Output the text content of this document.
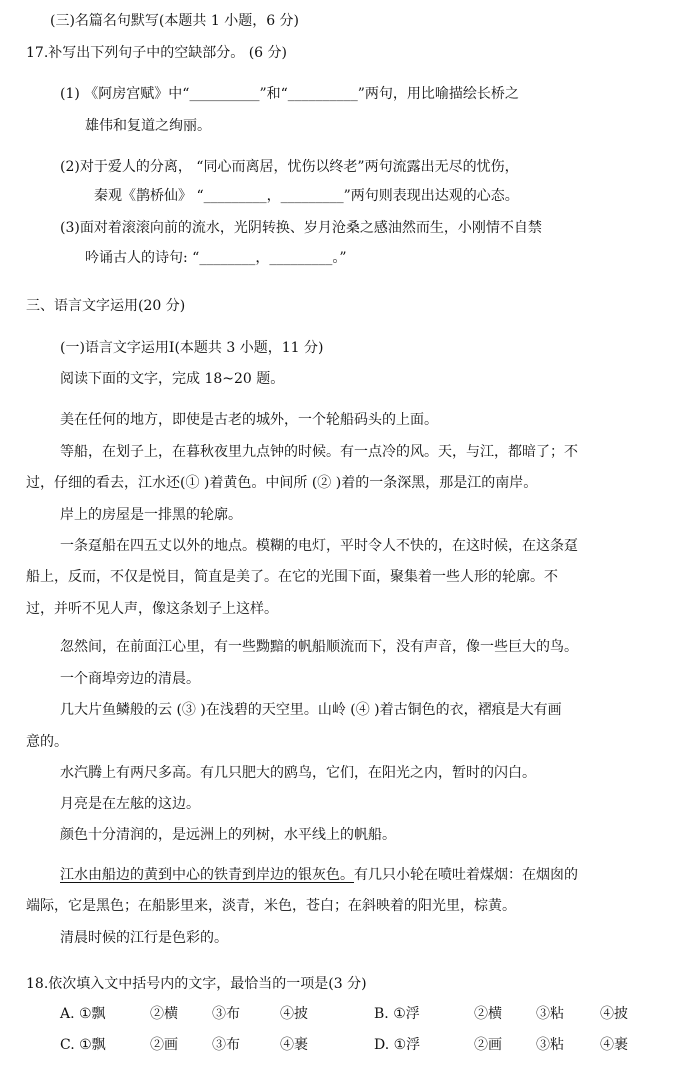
(三)名篇名句默写(本题共 1 小题，6 分)
17.补写出下列句子中的空缺部分。 (6 分)
(1) 《阿房宫赋》中“__________”和“__________”两句，用比喻描绘长桥之
雄伟和复道之绚丽。
(2)对于爱人的分离， “同心而离居，忧伤以终老”两句流露出无尽的忧伤，
秦观《鹊桥仙》 “_________，_________”两句则表现出达观的心态。
(3)面对着滚滚向前的流水，光阴转换、岁月沧桑之感油然而生，小刚情不自禁
吟诵古人的诗句: “________，_________。”
三、语言文字运用(20 分)
(一)语言文字运用Ⅰ(本题共 3 小题，11 分)
阅读下面的文字，完成 18~20 题。
美在任何的地方，即使是古老的城外，一个轮船码头的上面。
等船，在划子上，在暮秋夜里九点钟的时候。有一点冷的风。天，与江，都暗了；不
过，仔细的看去，江水还(① )着黄色。中间所 (② )着的一条深黑，那是江的南岸。
岸上的房屋是一排黑的轮廓。
一条趸船在四五丈以外的地点。模糊的电灯，平时令人不快的，在这时候，在这条趸
船上，反而，不仅是悦目，简直是美了。在它的光围下面，聚集着一些人形的轮廓。不
过，并听不见人声，像这条划子上这样。
忽然间，在前面江心里，有一些黝黯的帆船顺流而下，没有声音，像一些巨大的鸟。
一个商埠旁边的清晨。
几大片鱼鳞般的云 (③ )在浅碧的天空里。山岭 (④ )着古铜色的衣，褶痕是大有画
意的。
水汽腾上有两尺多高。有几只肥大的鸥鸟，它们，在阳光之内，暂时的闪白。
月亮是在左舷的这边。
颜色十分清润的，是远洲上的列树，水平线上的帆船。
江水由船边的黄到中心的铁青到岸边的银灰色。有几只小轮在喷吐着煤烟：在烟囱的
端际，它是黑色；在船影里来，淡青，米色，苍白；在斜映着的阳光里，棕黄。
清晨时候的江行是色彩的。
18.依次填入文中括号内的文字，最恰当的一项是(3 分)
A. ①飘	②横 ③布	④披	B. ①浮	②横 ③粘	④披
C. ①飘	②画 ③布	④裹	D. ①浮	②画 ③粘	④裹
